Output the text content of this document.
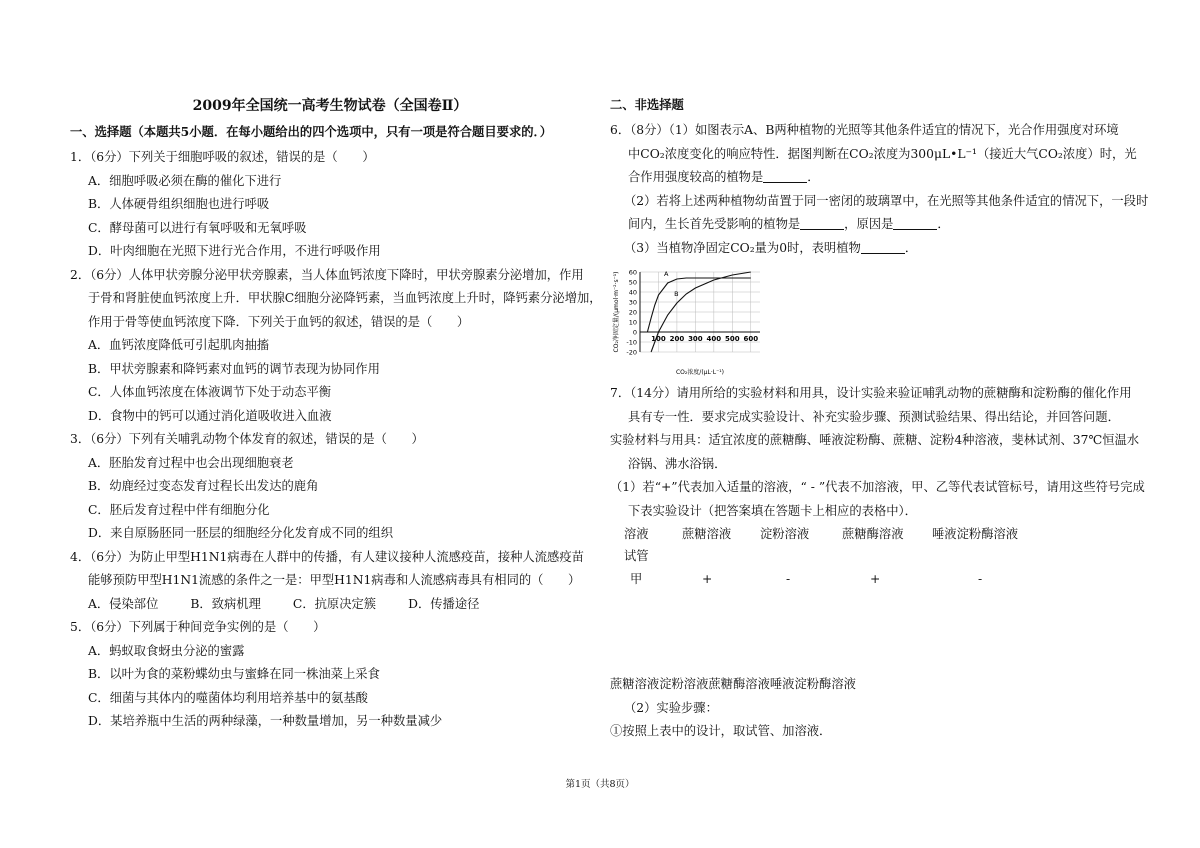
2009年全国统一高考生物试卷（全国卷Ⅱ）

一、选择题（本题共5小题．在每小题给出的四个选项中，只有一项是符合题目要求的．）

1．（6分）下列关于细胞呼吸的叙述，错误的是（　　）

A．细胞呼吸必须在酶的催化下进行

B．人体硬骨组织细胞也进行呼吸

C．酵母菌可以进行有氧呼吸和无氧呼吸

D．叶肉细胞在光照下进行光合作用，不进行呼吸作用

2．（6分）人体甲状旁腺分泌甲状旁腺素，当人体血钙浓度下降时，甲状旁腺素分泌增加，作用

于骨和肾脏使血钙浓度上升．甲状腺C细胞分泌降钙素，当血钙浓度上升时，降钙素分泌增加，

作用于骨等使血钙浓度下降．下列关于血钙的叙述，错误的是（　　）

A．血钙浓度降低可引起肌肉抽搐

B．甲状旁腺素和降钙素对血钙的调节表现为协同作用

C．人体血钙浓度在体液调节下处于动态平衡

D．食物中的钙可以通过消化道吸收进入血液

3．（6分）下列有关哺乳动物个体发育的叙述，错误的是（　　）

A．胚胎发育过程中也会出现细胞衰老

B．幼鹿经过变态发育过程长出发达的鹿角

C．胚后发育过程中伴有细胞分化

D．来自原肠胚同一胚层的细胞经分化发育成不同的组织

4．（6分）为防止甲型H1N1病毒在人群中的传播，有人建议接种人流感疫苗，接种人流感疫苗

能够预防甲型H1N1流感的条件之一是：甲型H1N1病毒和人流感病毒具有相同的（　　）

A．侵染部位	B．致病机理	C．抗原决定簇	D．传播途径

5．（6分）下列属于种间竞争实例的是（　　）

A．蚂蚁取食蚜虫分泌的蜜露

B．以叶为食的菜粉蝶幼虫与蜜蜂在同一株油菜上采食

C．细菌与其体内的噬菌体均利用培养基中的氨基酸

D．某培养瓶中生活的两种绿藻，一种数量增加，另一种数量减少

二、非选择题

6．（8分）（1）如图表示A、B两种植物的光照等其他条件适宜的情况下，光合作用强度对环境

中CO₂浓度变化的响应特性．据图判断在CO₂浓度为300μL•L⁻¹（接近大气CO₂浓度）时，光

合作用强度较高的植物是	．

（2）若将上述两种植物幼苗置于同一密闭的玻璃罩中，在光照等其他条件适宜的情况下，一段时

间内，生长首先受影响的植物是	，原因是	．

（3）当植物净固定CO₂量为0时，表明植物	．

60
50
40
30
20
10
0
-10
-20
100 200 300 400 500 600
A
B
CO₂净固定量/(μmol·m⁻²·s⁻¹)
CO₂浓度/(μL·L⁻¹)

7．（14分）请用所给的实验材料和用具，设计实验来验证哺乳动物的蔗糖酶和淀粉酶的催化作用

具有专一性．要求完成实验设计、补充实验步骤、预测试验结果、得出结论，并回答问题．

实验材料与用具：适宜浓度的蔗糖酶、唾液淀粉酶、蔗糖、淀粉4种溶液，斐林试剂、37℃恒温水

浴锅、沸水浴锅．

（1）若“+”代表加入适量的溶液，“ - ”代表不加溶液，甲、乙等代表试管标号，请用这些符号完成

下表实验设计（把答案填在答题卡上相应的表格中）．

溶液	蔗糖溶液	淀粉溶液	蔗糖酶溶液	唾液淀粉酶溶液
试管
甲	+	-	+	-

蔗糖溶液淀粉溶液蔗糖酶溶液唾液淀粉酶溶液

（2）实验步骤：

①按照上表中的设计，取试管、加溶液．

第1页（共8页）
